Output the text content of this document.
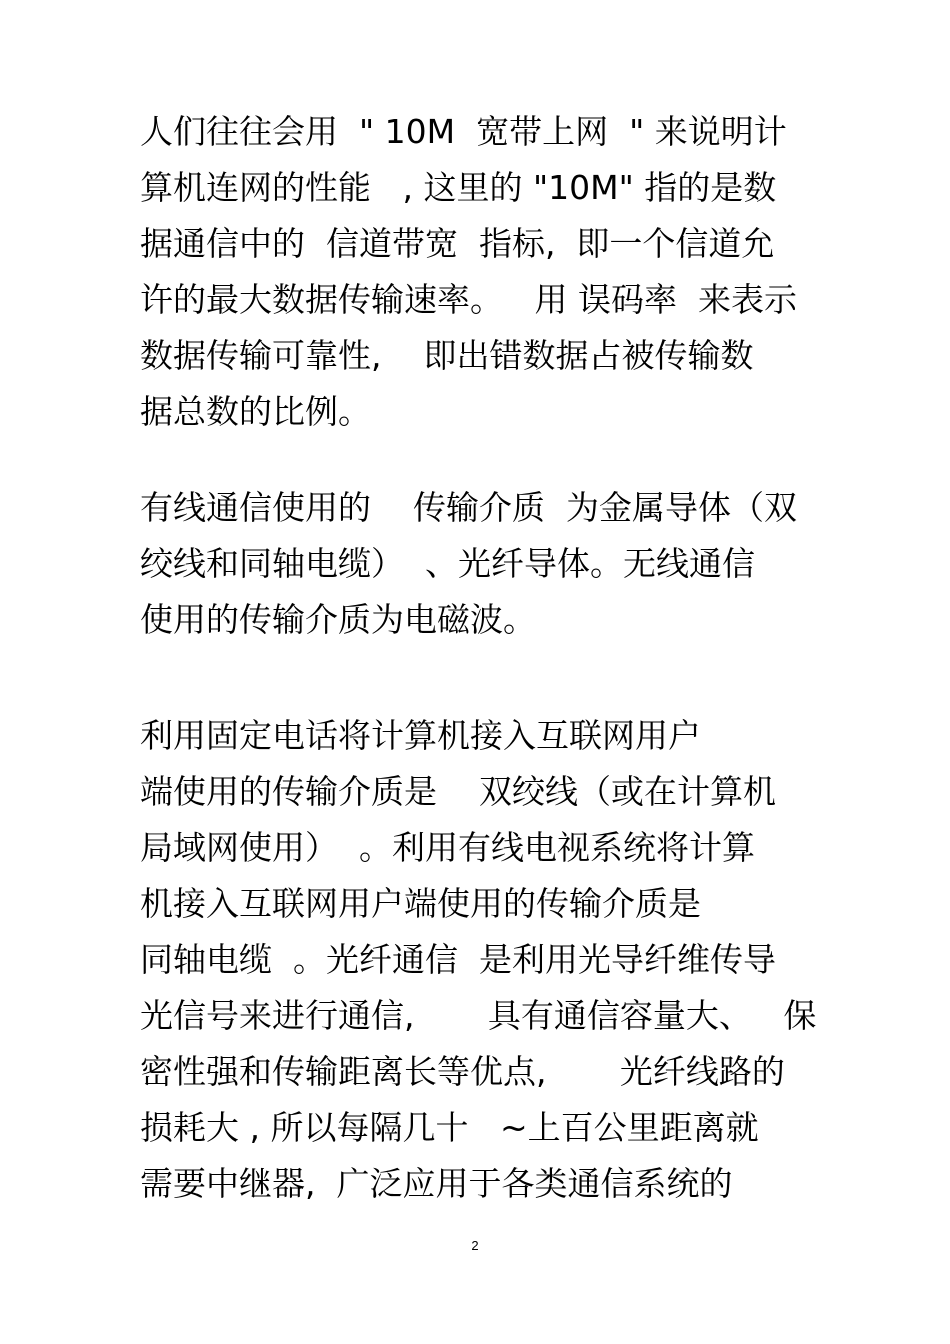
人们往往会用  " 10M  宽带上网  " 来说明计
算机连网的性能   , 这里的 "10M" 指的是数
据通信中的  信道带宽  指标,  即一个信道允
许的最大数据传输速率。   用 误码率  来表示
数据传输可靠性,    即出错数据占被传输数
据总数的比例。
有线通信使用的    传输介质  为金属导体（双
绞线和同轴电缆）  、光纤导体。无线通信
使用的传输介质为电磁波。
利用固定电话将计算机接入互联网用户
端使用的传输介质是    双绞线（或在计算机
局域网使用）  。利用有线电视系统将计算
机接入互联网用户端使用的传输介质是
同轴电缆  。光纤通信  是利用光导纤维传导
光信号来进行通信,       具有通信容量大、   保
密性强和传输距离长等优点,       光纤线路的
损耗大 , 所以每隔几十   ~上百公里距离就
需要中继器,  广泛应用于各类通信系统的
2
